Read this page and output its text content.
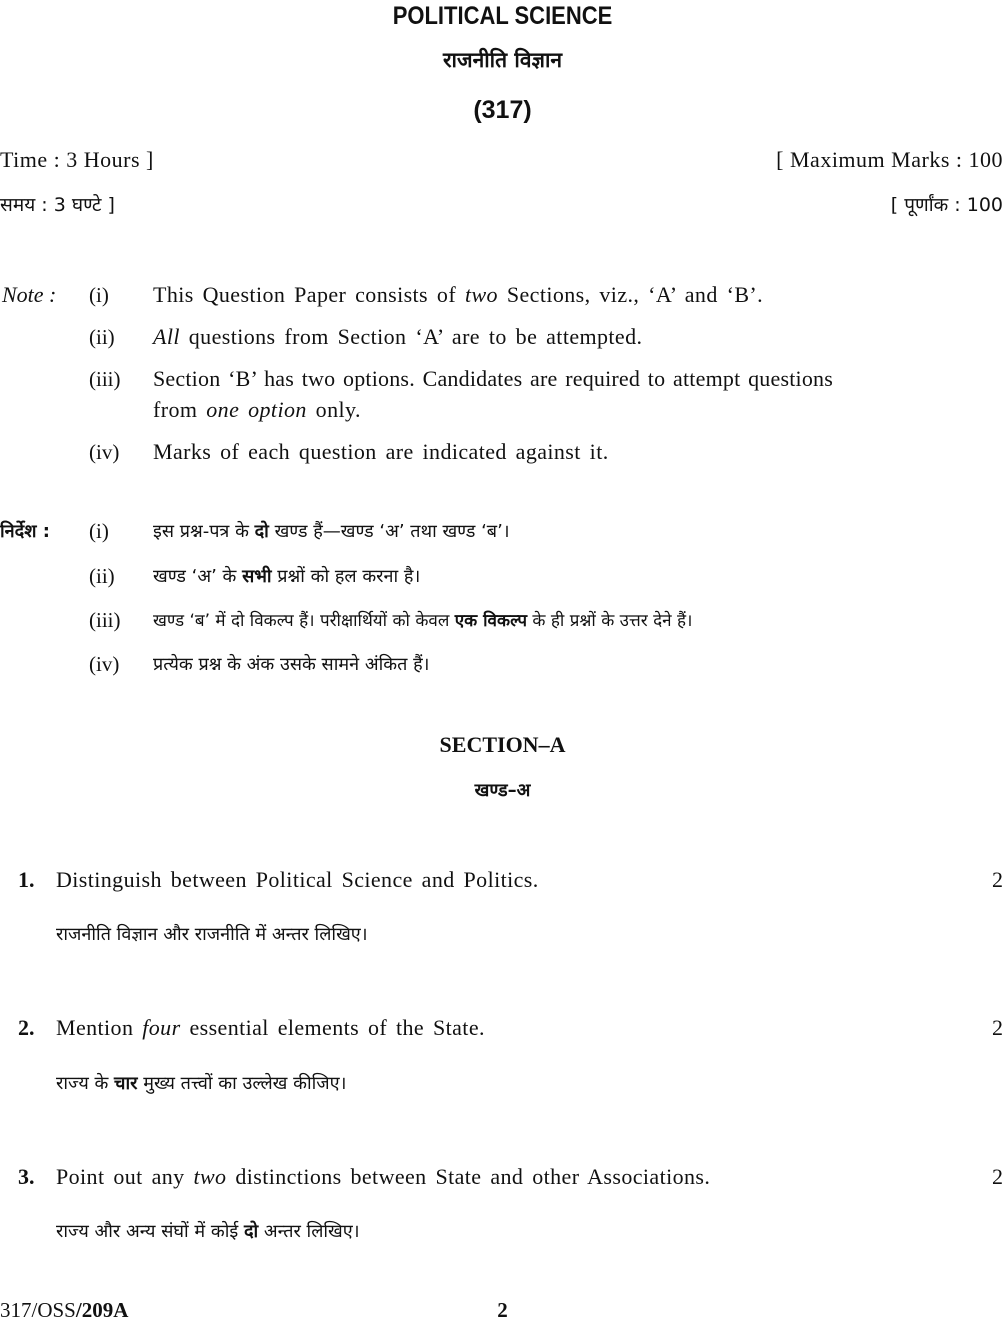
POLITICAL SCIENCE
राजनीति विज्ञान
(317)
Time : 3 Hours ]	[ Maximum Marks : 100
समय : 3 घण्टे ]	[ पूर्णांक : 100
Note : (i) This Question Paper consists of two Sections, viz., ‘A’ and ‘B’.
(ii) All questions from Section ‘A’ are to be attempted.
(iii) Section ‘B’ has two options. Candidates are required to attempt questions
from one option only.
(iv) Marks of each question are indicated against it.
निर्देश : (i) इस प्रश्न-पत्र के दो खण्ड हैं—खण्ड ‘अ’ तथा खण्ड ‘ब’।
(ii) खण्ड ‘अ’ के सभी प्रश्नों को हल करना है।
(iii) खण्ड ‘ब’ में दो विकल्प हैं। परीक्षार्थियों को केवल एक विकल्प के ही प्रश्नों के उत्तर देने हैं।
(iv) प्रत्येक प्रश्न के अंक उसके सामने अंकित हैं।
SECTION–A
खण्ड–अ
1. Distinguish between Political Science and Politics.	2
राजनीति विज्ञान और राजनीति में अन्तर लिखिए।
2. Mention four essential elements of the State.	2
राज्य के चार मुख्य तत्त्वों का उल्लेख कीजिए।
3. Point out any two distinctions between State and other Associations.	2
राज्य और अन्य संघों में कोई दो अन्तर लिखिए।
317/OSS/209A	2
